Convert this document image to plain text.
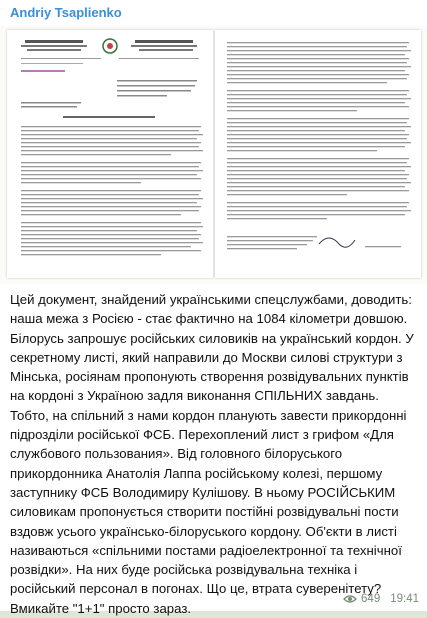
Andriy Tsaplienko
Цей документ, знайдений українськими спецслужбами, доводить: наша межа з Росією - стає фактично на 1084 кілометри довшою. Білорусь запрошує російських силовиків на український кордон. У секретному листі, який направили до Москви силові структури з Мінська, росіянам пропонують створення розвідувальних пунктів на кордоні з Україною задля виконання СПІЛЬНИХ завдань. Тобто, на спільний з нами кордон планують завести прикордонні підрозділи російської ФСБ. Перехоплений лист з грифом «Для службового пользования». Від головного білоруського прикордонника Анатолія Лаппа російському колезі, першому заступнику ФСБ Володимиру Кулішову. В ньому РОСІЙСЬКИМ силовикам пропонується створити постійні розвідувальні пости вздовж усього українсько-білоруського кордону. Об'єкти в листі називаються «спільними постами радіоелектронної та технічної розвідки». На них буде російська розвідувальна техніка і російський персонал в погонах. Що це, втрата суверенітету? Вмикайте "1+1" просто зараз.
649 19:41
